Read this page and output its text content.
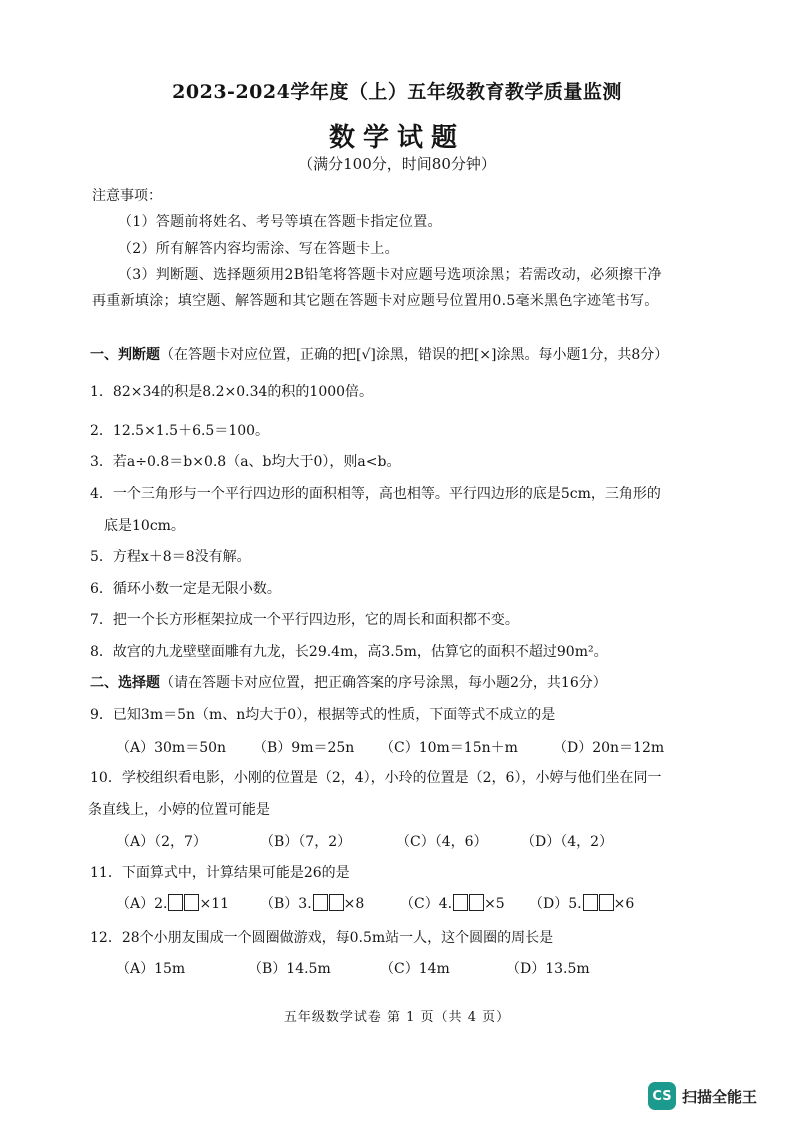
2023-2024学年度（上）五年级教育教学质量监测
数学试题
（满分100分，时间80分钟）
注意事项：
（1）答题前将姓名、考号等填在答题卡指定位置。
（2）所有解答内容均需涂、写在答题卡上。
（3）判断题、选择题须用2B铅笔将答题卡对应题号选项涂黑；若需改动，必须擦干净
再重新填涂；填空题、解答题和其它题在答题卡对应题号位置用0.5毫米黑色字迹笔书写。
一、判断题（在答题卡对应位置，正确的把[√]涂黑，错误的把[×]涂黑。每小题1分，共8分）
1．82×34的积是8.2×0.34的积的1000倍。
2．12.5×1.5＋6.5＝100。
3．若a÷0.8＝b×0.8（a、b均大于0），则a<b。
4．一个三角形与一个平行四边形的面积相等，高也相等。平行四边形的底是5cm，三角形的
底是10cm。
5．方程x＋8＝8没有解。
6．循环小数一定是无限小数。
7．把一个长方形框架拉成一个平行四边形，它的周长和面积都不变。
8．故宫的九龙壁壁面雕有九龙，长29.4m，高3.5m，估算它的面积不超过90m²。
二、选择题（请在答题卡对应位置，把正确答案的序号涂黑，每小题2分，共16分）
9．已知3m＝5n（m、n均大于0），根据等式的性质，下面等式不成立的是
（A）30m＝50n （B）9m＝25n （C）10m＝15n＋m	（D）20n＝12m
10．学校组织看电影，小刚的位置是（2，4），小玲的位置是（2，6），小婷与他们坐在同一
条直线上，小婷的位置可能是
（A）（2，7）	（B）（7，2）	（C）（4，6） （D）（4，2）
11．下面算式中，计算结果可能是26的是
（A）2. ×11 （B）3. ×8	（C）4. ×5 （D）5. ×6
12．28个小朋友围成一个圆圈做游戏，每0.5m站一人，这个圆圈的周长是
（A）15m	（B）14.5m	（C）14m	（D）13.5m
五年级数学试卷 第 1 页（共 4 页）
CS 扫描全能王
